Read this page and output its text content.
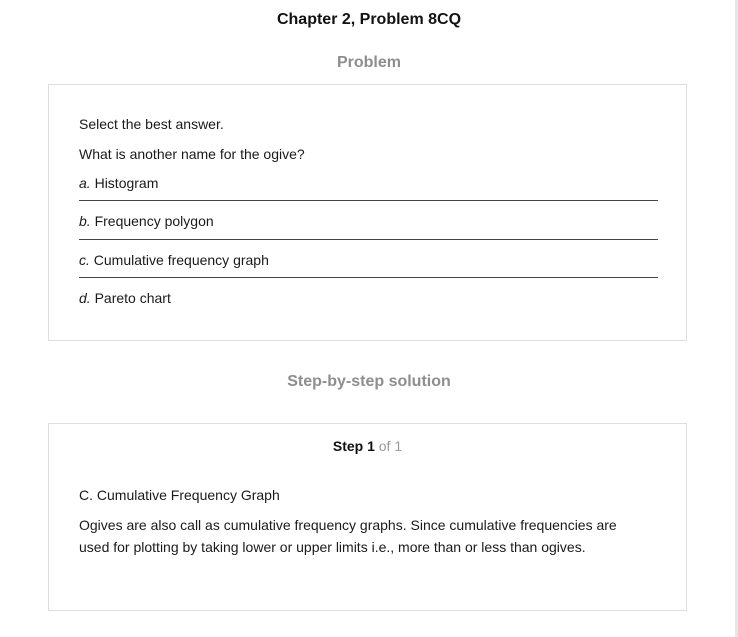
Chapter 2, Problem 8CQ
Problem
Select the best answer.
What is another name for the ogive?
a. Histogram
b. Frequency polygon
c. Cumulative frequency graph
d. Pareto chart
Step-by-step solution
Step 1 of 1
C. Cumulative Frequency Graph
Ogives are also call as cumulative frequency graphs. Since cumulative frequencies are used for plotting by taking lower or upper limits i.e., more than or less than ogives.
